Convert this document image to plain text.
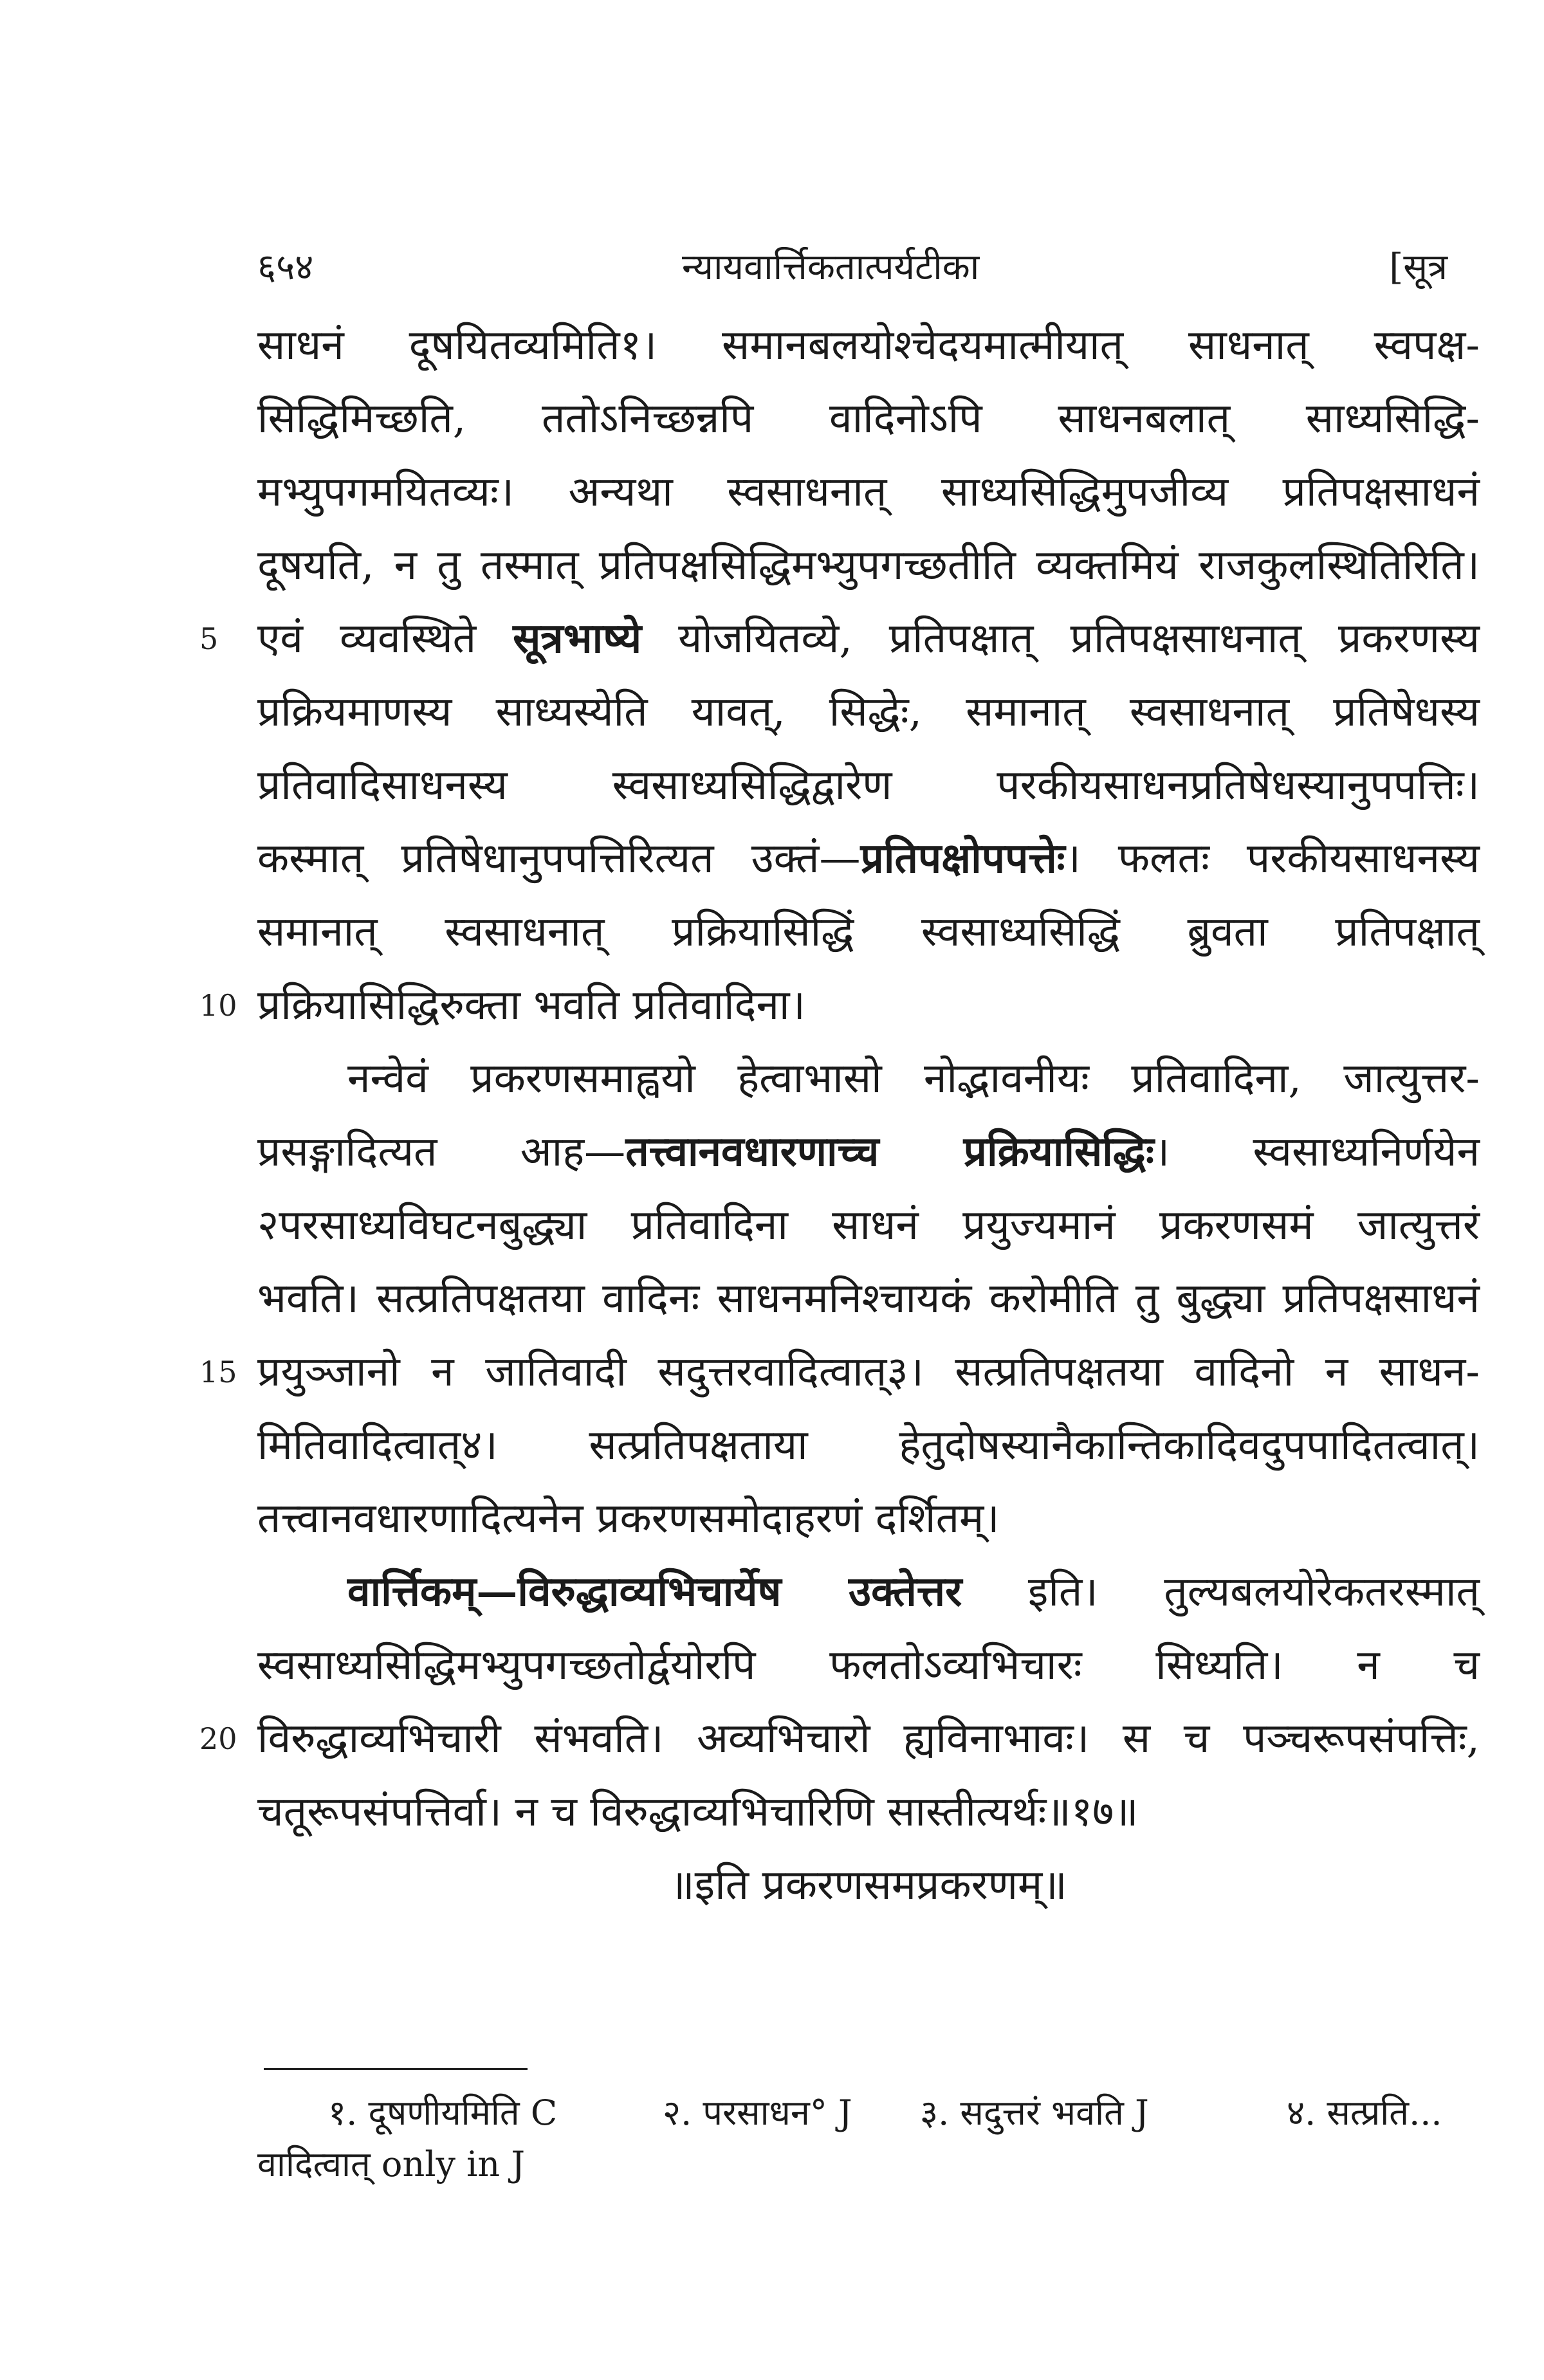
६५४	न्यायवार्त्तिकतात्पर्यटीका	[सूत्र
साधनं दूषयितव्यमिति१। समानबलयोश्चेदयमात्मीयात् साधनात् स्वपक्ष-
सिद्धिमिच्छति, ततोऽनिच्छन्नपि वादिनोऽपि साधनबलात् साध्यसिद्धि-
मभ्युपगमयितव्यः। अन्यथा स्वसाधनात् साध्यसिद्धिमुपजीव्य प्रतिपक्षसाधनं
दूषयति, न तु तस्मात् प्रतिपक्षसिद्धिमभ्युपगच्छतीति व्यक्तमियं राजकुलस्थितिरिति।
5 एवं व्यवस्थिते सूत्रभाष्ये योजयितव्ये, प्रतिपक्षात् प्रतिपक्षसाधनात् प्रकरणस्य
प्रक्रियमाणस्य साध्यस्येति यावत्, सिद्धेः, समानात् स्वसाधनात् प्रतिषेधस्य
प्रतिवादिसाधनस्य स्वसाध्यसिद्धिद्वारेण परकीयसाधनप्रतिषेधस्यानुपपत्तिः।
कस्मात् प्रतिषेधानुपपत्तिरित्यत उक्तं—प्रतिपक्षोपपत्तेः। फलतः परकीयसाधनस्य
समानात् स्वसाधनात् प्रक्रियासिद्धिं स्वसाध्यसिद्धिं ब्रुवता प्रतिपक्षात्
10 प्रक्रियासिद्धिरुक्ता भवति प्रतिवादिना।
नन्वेवं प्रकरणसमाह्वयो हेत्वाभासो नोद्भावनीयः प्रतिवादिना, जात्युत्तर-
प्रसङ्गादित्यत आह—तत्त्वानवधारणाच्च प्रक्रियासिद्धिः। स्वसाध्यनिर्णयेन
२परसाध्यविघटनबुद्ध्या प्रतिवादिना साधनं प्रयुज्यमानं प्रकरणसमं जात्युत्तरं
भवति। सत्प्रतिपक्षतया वादिनः साधनमनिश्चायकं करोमीति तु बुद्ध्या प्रतिपक्षसाधनं
15 प्रयुञ्जानो न जातिवादी सदुत्तरवादित्वात्३। सत्प्रतिपक्षतया वादिनो न साधन-
मितिवादित्वात्४। सत्प्रतिपक्षताया हेतुदोषस्यानैकान्तिकादिवदुपपादितत्वात्।
तत्त्वानवधारणादित्यनेन प्रकरणसमोदाहरणं दर्शितम्।
वार्त्तिकम्—विरुद्धाव्यभिचार्येष उक्तेत्तर इति। तुल्यबलयोरेकतरस्मात्
स्वसाध्यसिद्धिमभ्युपगच्छतोर्द्वयोरपि फलतोऽव्यभिचारः सिध्यति। न च
20 विरुद्धाव्यभिचारी संभवति। अव्यभिचारो ह्यविनाभावः। स च पञ्चरूपसंपत्तिः,
चतूरूपसंपत्तिर्वा। न च विरुद्धाव्यभिचारिणि सास्तीत्यर्थः॥१७॥
॥इति प्रकरणसमप्रकरणम्॥
१. दूषणीयमिति C	२. परसाधन° J ३. सदुत्तरं भवति J	४. सत्प्रति...
वादित्वात् only in J
